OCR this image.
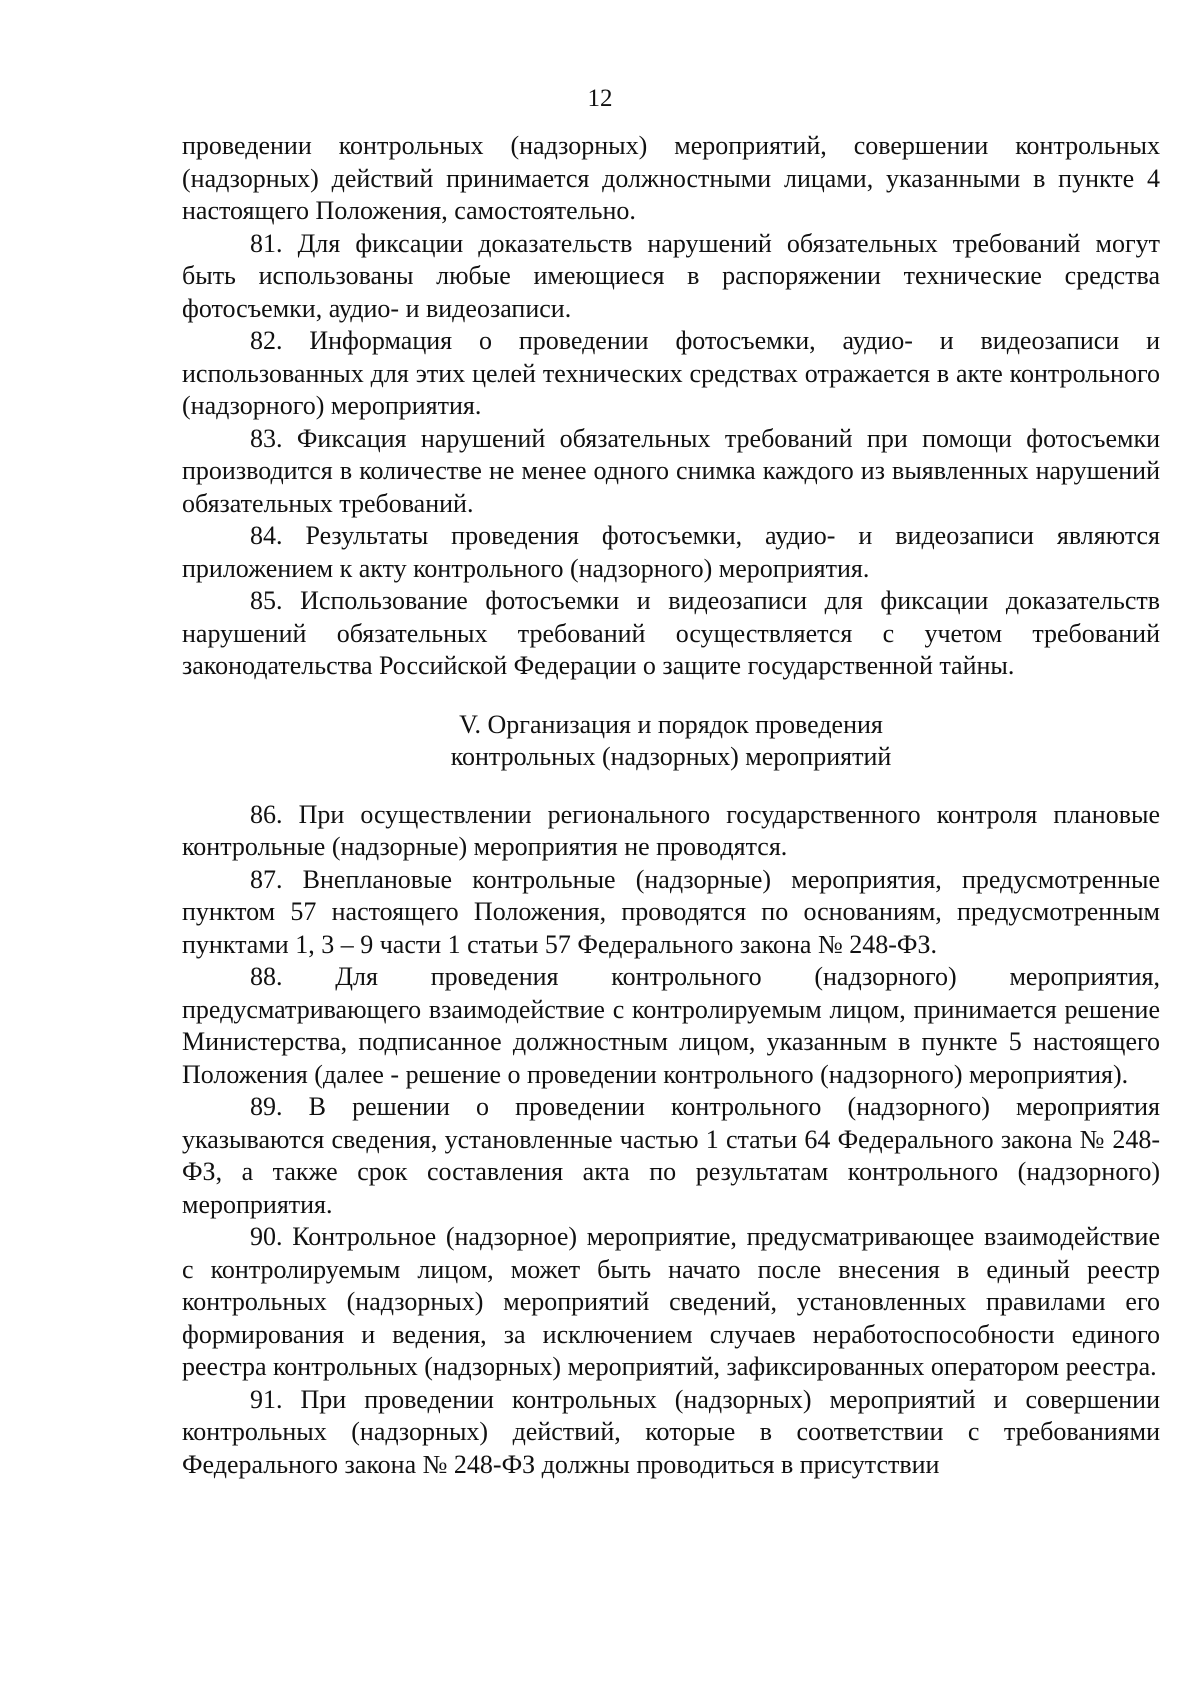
12

проведении контрольных (надзорных) мероприятий, совершении контрольных (надзорных) действий принимается должностными лицами, указанными в пункте 4 настоящего Положения, самостоятельно.

81. Для фиксации доказательств нарушений обязательных требований могут быть использованы любые имеющиеся в распоряжении технические средства фотосъемки, аудио- и видеозаписи.

82. Информация о проведении фотосъемки, аудио- и видеозаписи и использованных для этих целей технических средствах отражается в акте контрольного (надзорного) мероприятия.

83. Фиксация нарушений обязательных требований при помощи фотосъемки производится в количестве не менее одного снимка каждого из выявленных нарушений обязательных требований.

84. Результаты проведения фотосъемки, аудио- и видеозаписи являются приложением к акту контрольного (надзорного) мероприятия.

85. Использование фотосъемки и видеозаписи для фиксации доказательств нарушений обязательных требований осуществляется с учетом требований законодательства Российской Федерации о защите государственной тайны.

V. Организация и порядок проведения
контрольных (надзорных) мероприятий

86. При осуществлении регионального государственного контроля плановые контрольные (надзорные) мероприятия не проводятся.

87. Внеплановые контрольные (надзорные) мероприятия, предусмотренные пунктом 57 настоящего Положения, проводятся по основаниям, предусмотренным пунктами 1, 3 – 9 части 1 статьи 57 Федерального закона № 248-ФЗ.

88. Для проведения контрольного (надзорного) мероприятия, предусматривающего взаимодействие с контролируемым лицом, принимается решение Министерства, подписанное должностным лицом, указанным в пункте 5 настоящего Положения (далее - решение о проведении контрольного (надзорного) мероприятия).

89. В решении о проведении контрольного (надзорного) мероприятия указываются сведения, установленные частью 1 статьи 64 Федерального закона № 248-ФЗ, а также срок составления акта по результатам контрольного (надзорного) мероприятия.

90. Контрольное (надзорное) мероприятие, предусматривающее взаимодействие с контролируемым лицом, может быть начато после внесения в единый реестр контрольных (надзорных) мероприятий сведений, установленных правилами его формирования и ведения, за исключением случаев неработоспособности единого реестра контрольных (надзорных) мероприятий, зафиксированных оператором реестра.

91. При проведении контрольных (надзорных) мероприятий и совершении контрольных (надзорных) действий, которые в соответствии с требованиями Федерального закона № 248-ФЗ должны проводиться в присутствии
